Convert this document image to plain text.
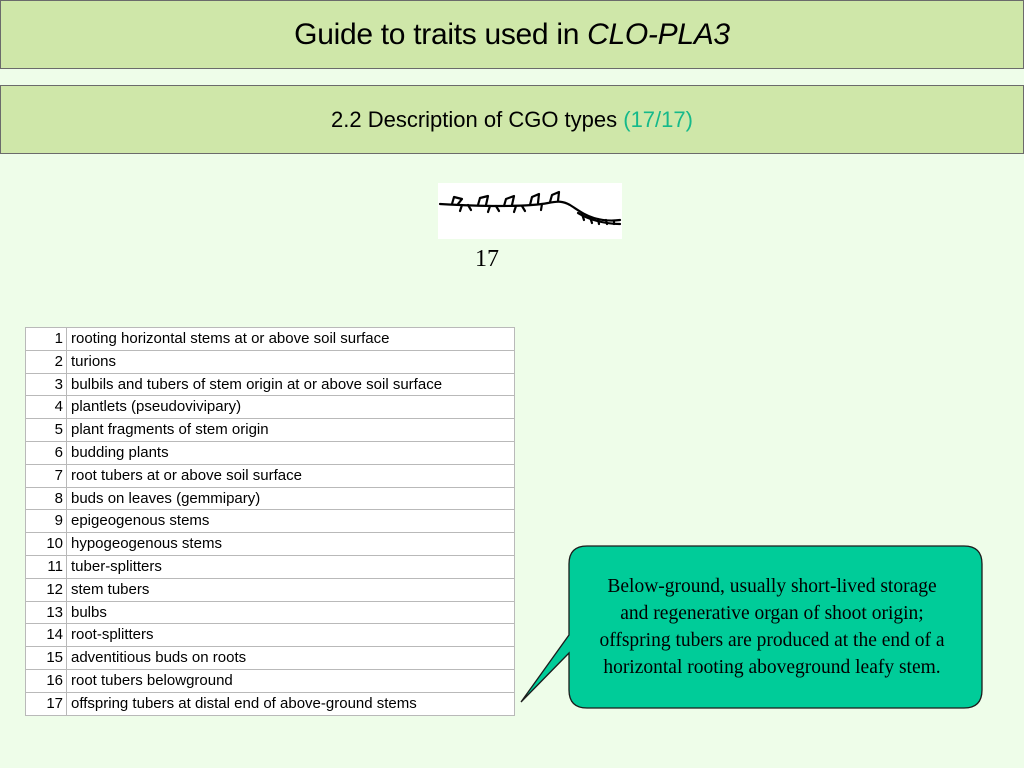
Guide to traits used in CLO-PLA3
2.2 Description of CGO types (17/17)
17
1	rooting horizontal stems at or above soil surface
2	turions
3	bulbils and tubers of stem origin at or above soil surface
4	plantlets (pseudovivipary)
5	plant fragments of stem origin
6	budding plants
7	root tubers at or above soil surface
8	buds on leaves (gemmipary)
9	epigeogenous stems
10	hypogeogenous stems
11	tuber-splitters
12	stem tubers
13	bulbs
14	root-splitters
15	adventitious buds on roots
16	root tubers belowground
17	offspring tubers at distal end of above-ground stems
Below-ground, usually short-lived storage
and regenerative organ of shoot origin;
offspring tubers are produced at the end of a
horizontal rooting aboveground leafy stem.
